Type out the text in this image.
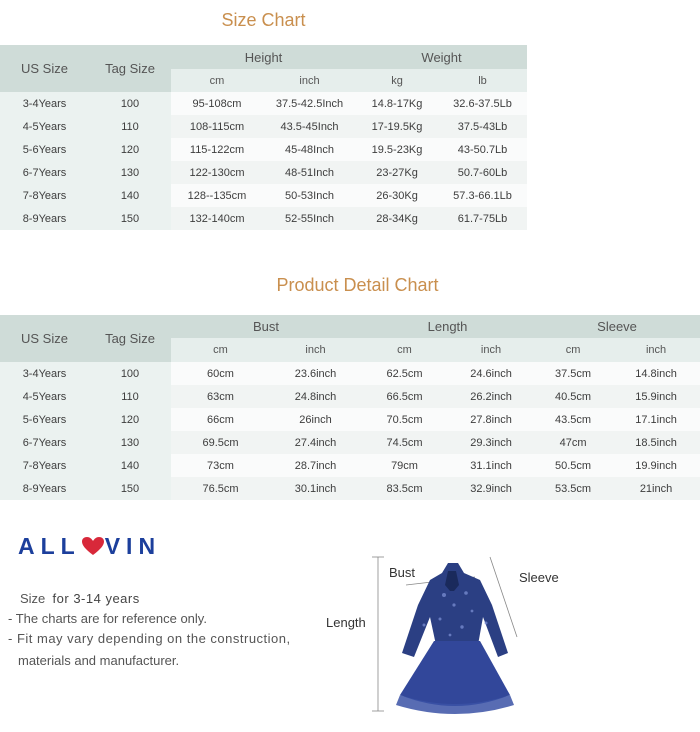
Size Chart
US Size	Tag Size	Height		Weight	
		cm	inch	kg	lb
3-4Years	100	95-108cm	37.5-42.5Inch	14.8-17Kg	32.6-37.5Lb
4-5Years	110	108-115cm	43.5-45Inch	17-19.5Kg	37.5-43Lb
5-6Years	120	115-122cm	45-48Inch	19.5-23Kg	43-50.7Lb
6-7Years	130	122-130cm	48-51Inch	23-27Kg	50.7-60Lb
7-8Years	140	128--135cm	50-53Inch	26-30Kg	57.3-66.1Lb
8-9Years	150	132-140cm	52-55Inch	28-34Kg	61.7-75Lb
Product Detail Chart
US Size	Tag Size	Bust		Length		Sleeve	
		cm	inch	cm	inch	cm	inch
3-4Years	100	60cm	23.6inch	62.5cm	24.6inch	37.5cm	14.8inch
4-5Years	110	63cm	24.8inch	66.5cm	26.2inch	40.5cm	15.9inch
5-6Years	120	66cm	26inch	70.5cm	27.8inch	43.5cm	17.1inch
6-7Years	130	69.5cm	27.4inch	74.5cm	29.3inch	47cm	18.5inch
7-8Years	140	73cm	28.7inch	79cm	31.1inch	50.5cm	19.9inch
8-9Years	150	76.5cm	30.1inch	83.5cm	32.9inch	53.5cm	21inch
ALL VIN
Size for 3-14 years
- The charts are for reference only.
- Fit may vary depending on the construction,
materials and manufacturer.
Bust	Sleeve
Length
